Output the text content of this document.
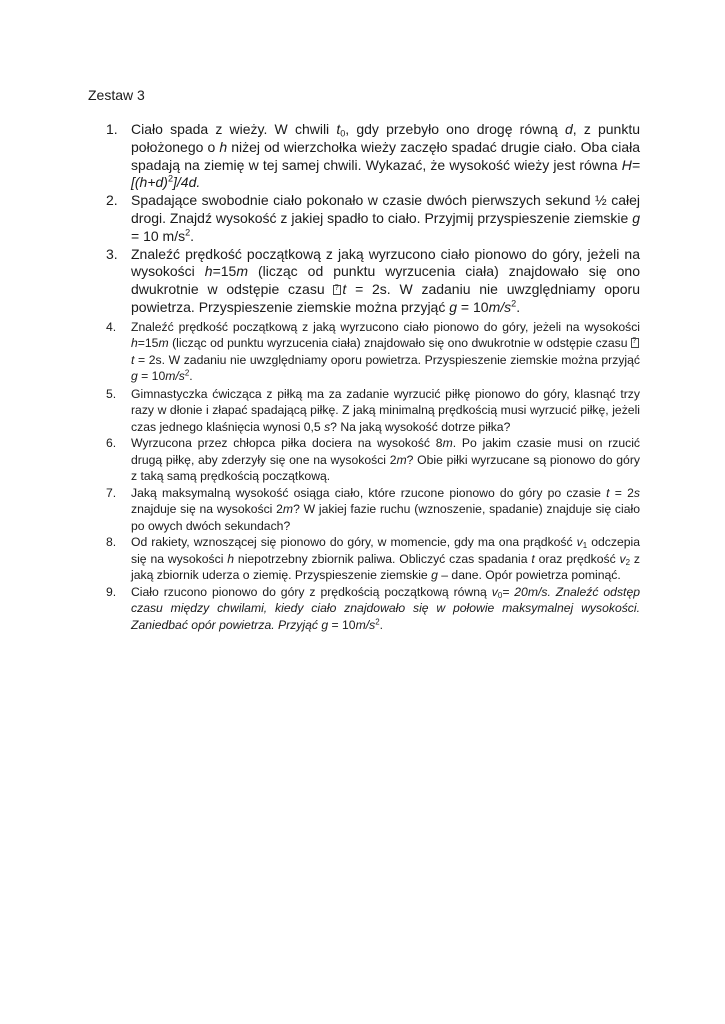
Zestaw 3
1. Ciało spada z wieży. W chwili $t_0$, gdy przebyło ono drogę równą d, z punktu położonego o h niżej od wierzchołka wieży zaczęło spadać drugie ciało. Oba ciała spadają na ziemię w tej samej chwili. Wykazać, że wysokość wieży jest równa $H=[(h+d)^2]/4d$.
2. Spadające swobodnie ciało pokonało w czasie dwóch pierwszych sekund ½ całej drogi. Znajdź wysokość z jakiej spadło to ciało. Przyjmij przyspieszenie ziemskie g = 10 $m/s^2$.
3. Znaleźć prędkość początkową z jaką wyrzucono ciało pionowo do góry, jeżeli na wysokości h=15m (licząc od punktu wyrzucenia ciała) znajdowało się ono dwukrotnie w odstępie czasu ?t = 2s. W zadaniu nie uwzględniamy oporu powietrza. Przyspieszenie ziemskie można przyjąć $g = 10m/s^2$.
4. Znaleźć prędkość początkową z jaką wyrzucono ciało pionowo do góry, jeżeli na wysokości h=15m (licząc od punktu wyrzucenia ciała) znajdowało się ono dwukrotnie w odstępie czasu ?t = 2s. W zadaniu nie uwzględniamy oporu powietrza. Przyspieszenie ziemskie można przyjąć $g = 10m/s^2$.
5. Gimnastyczka ćwicząca z piłką ma za zadanie wyrzucić piłkę pionowo do góry, klasnąć trzy razy w dłonie i złapać spadającą piłkę. Z jaką minimalną prędkością musi wyrzucić piłkę, jeżeli czas jednego klaśnięcia wynosi 0,5 s? Na jaką wysokość dotrze piłka?
6. Wyrzucona przez chłopca piłka dociera na wysokość 8m. Po jakim czasie musi on rzucić drugą piłkę, aby zderzyły się one na wysokości 2m? Obie piłki wyrzucane są pionowo do góry z taką samą prędkością początkową.
7. Jaką maksymalną wysokość osiąga ciało, które rzucone pionowo do góry po czasie t = 2s znajduje się na wysokości 2m? W jakiej fazie ruchu (wznoszenie, spadanie) znajduje się ciało po owych dwóch sekundach?
8. Od rakiety, wznoszącej się pionowo do góry, w momencie, gdy ma ona prądkość $v_1$ odczepia się na wysokości h niepotrzebny zbiornik paliwa. Obliczyć czas spadania t oraz prędkość $v_2$ z jaką zbiornik uderza o ziemię. Przyspieszenie ziemskie g – dane. Opór powietrza pominąć.
9. Ciało rzucono pionowo do góry z prędkością początkową równą $v_0= 20m/s$. Znaleźć odstęp czasu między chwilami, kiedy ciało znajdowało się w połowie maksymalnej wysokości. Zaniedbać opór powietrza. Przyjąć $g = 10m/s^2$.
